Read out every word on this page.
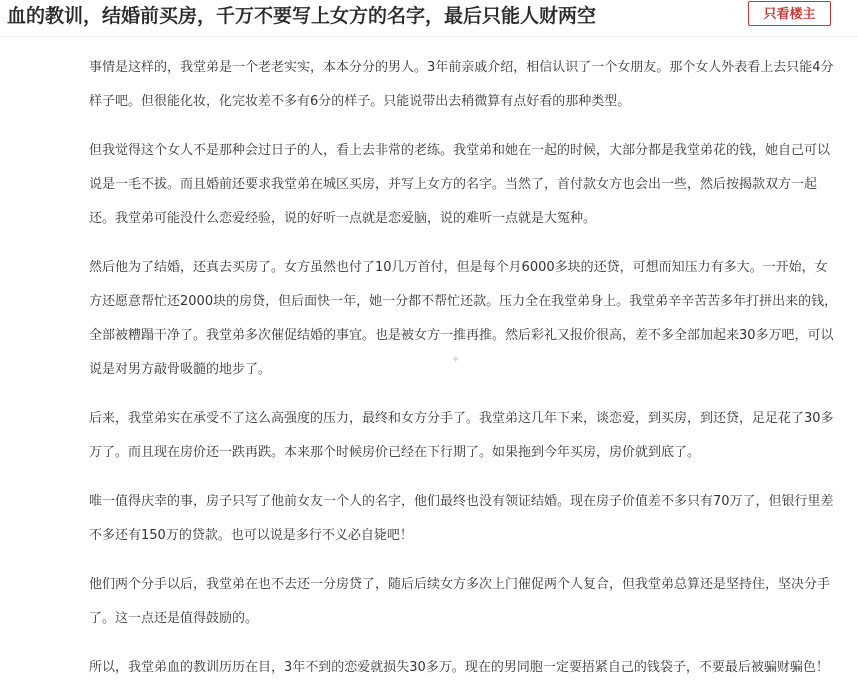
血的教训，结婚前买房，千万不要写上女方的名字，最后只能人财两空	只看楼主

事情是这样的，我堂弟是一个老老实实，本本分分的男人。3年前亲戚介绍，相信认识了一个女朋友。那个女人外表看上去只能4分样子吧。但很能化妆，化完妆差不多有6分的样子。只能说带出去稍微算有点好看的那种类型。

但我觉得这个女人不是那种会过日子的人，看上去非常的老练。我堂弟和她在一起的时候，大部分都是我堂弟花的钱，她自己可以说是一毛不拔。而且婚前还要求我堂弟在城区买房，并写上女方的名字。当然了，首付款女方也会出一些，然后按揭款双方一起还。我堂弟可能没什么恋爱经验，说的好听一点就是恋爱脑，说的难听一点就是大冤种。

然后他为了结婚，还真去买房了。女方虽然也付了10几万首付，但是每个月6000多块的还贷，可想而知压力有多大。一开始，女方还愿意帮忙还2000块的房贷，但后面快一年，她一分都不帮忙还款。压力全在我堂弟身上。我堂弟辛辛苦苦多年打拼出来的钱，全部被糟蹋干净了。我堂弟多次催促结婚的事宜。也是被女方一推再推。然后彩礼又报价很高，差不多全部加起来30多万吧，可以说是对男方敲骨吸髓的地步了。

后来，我堂弟实在承受不了这么高强度的压力，最终和女方分手了。我堂弟这几年下来，谈恋爱，到买房，到还贷，足足花了30多万了。而且现在房价还一跌再跌。本来那个时候房价已经在下行期了。如果拖到今年买房，房价就到底了。

唯一值得庆幸的事，房子只写了他前女友一个人的名字，他们最终也没有领证结婚。现在房子价值差不多只有70万了，但银行里差不多还有150万的贷款。也可以说是多行不义必自毙吧！

他们两个分手以后，我堂弟在也不去还一分房贷了，随后后续女方多次上门催促两个人复合，但我堂弟总算还是坚持住，坚决分手了。这一点还是值得鼓励的。

所以，我堂弟血的教训历历在目，3年不到的恋爱就损失30多万。现在的男同胞一定要捂紧自己的钱袋子，不要最后被骗财骗色！

✦
